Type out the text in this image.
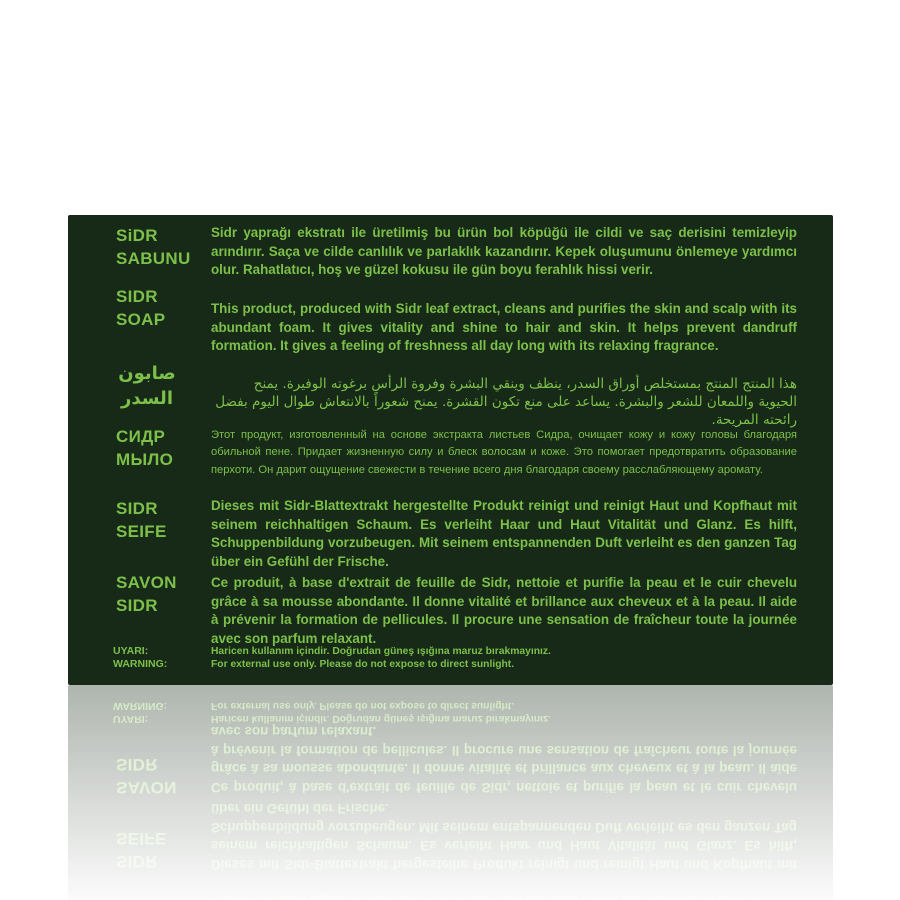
SiDR
SABUNU
Sidr yaprağı ekstratı ile üretilmiş bu ürün bol köpüğü ile cildi ve saç derisini temizleyip arındırır. Saça ve cilde canlılık ve parlaklık kazandırır. Kepek oluşumunu önlemeye yardımcı olur. Rahatlatıcı, hoş ve güzel kokusu ile gün boyu ferahlık hissi verir.
SIDR
SOAP
This product, produced with Sidr leaf extract, cleans and purifies the skin and scalp with its abundant foam. It gives vitality and shine to hair and skin. It helps prevent dandruff formation. It gives a feeling of freshness all day long with its relaxing fragrance.
صابون
السدر
هذا المنتج المنتج بمستخلص أوراق السدر، ينظف وينقي البشرة وفروة الرأس برغوته الوفيرة. يمنح الحيوية واللمعان للشعر والبشرة. يساعد على منع تكون القشرة. يمنح شعوراً بالانتعاش طوال اليوم بفضل رائحته المريحة.
СИДР
МЫЛО
Этот продукт, изготовленный на основе экстракта листьев Сидра, очищает кожу и кожу головы благодаря обильной пене. Придает жизненную силу и блеск волосам и коже. Это помогает предотвратить образование перхоти. Он дарит ощущение свежести в течение всего дня благодаря своему расслабляющему аромату.
SIDR
SEIFE
Dieses mit Sidr-Blattextrakt hergestellte Produkt reinigt und reinigt Haut und Kopfhaut mit seinem reichhaltigen Schaum. Es verleiht Haar und Haut Vitalität und Glanz. Es hilft, Schuppenbildung vorzubeugen. Mit seinem entspannenden Duft verleiht es den ganzen Tag über ein Gefühl der Frische.
SAVON
SIDR
Ce produit, à base d'extrait de feuille de Sidr, nettoie et purifie la peau et le cuir chevelu grâce à sa mousse abondante. Il donne vitalité et brillance aux cheveux et à la peau. Il aide à prévenir la formation de pellicules. Il procure une sensation de fraîcheur toute la journée avec son parfum relaxant.
UYARI:	Haricen kullanım içindir. Doğrudan güneş ışığına maruz bırakmayınız.
WARNING:	For external use only. Please do not expose to direct sunlight.
